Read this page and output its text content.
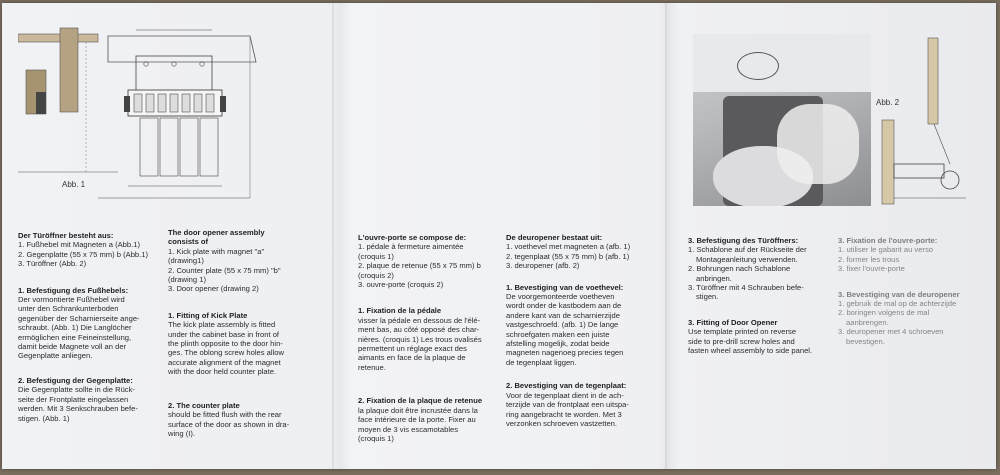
Abb. 1
Abb. 2
Der Türöffner besteht aus:
1. Fußhebel mit Magneten a (Abb.1)
2. Gegenplatte (55 x 75 mm) b (Abb.1)
3. Türöffner (Abb. 2)
1. Befestigung des Fußhebels:
Der vormontierte Fußhebel wird
unter den Schrankunterboden
gegenüber der Scharnierseite ange-
schraubt. (Abb. 1) Die Langlöcher
ermöglichen eine Feineinstellung,
damit beide Magnete voll an der
Gegenplatte anliegen.
2. Befestigung der Gegenplatte:
Die Gegenplatte sollte in die Rück-
seite der Frontplatte eingelassen
werden. Mit 3 Senkschrauben befe-
stigen. (Abb. 1)
The door opener assembly
consists of
1. Kick plate with magnet "a"
(drawing1)
2. Counter plate (55 x 75 mm) "b"
(drawing 1)
3. Door opener (drawing 2)
1. Fitting of Kick Plate
The kick plate assembly is fitted
under the cabinet base in front of
the plinth opposite to the door hin-
ges. The oblong screw holes allow
accurate alignment of the magnet
with the door held counter plate.
2. The counter plate
should be fitted flush with the rear
surface of the door as shown in dra-
wing (I).
L'ouvre-porte se compose de:
1. pédale à fermeture aimentée
(croquis 1)
2. plaque de retenue (55 x 75 mm) b
(croquis 2)
3. ouvre-porte (croquis 2)
1. Fixation de la pédale
visser la pédale en dessous de l'élé-
ment bas, au côté opposé des char-
nières. (croquis 1) Les trous ovalisés
permettent un réglage exact des
aimants en face de la plaque de
retenue.
2. Fixation de la plaque de retenue
la plaque doit être incrustée dans la
face intérieure de la porte. Fixer au
moyen de 3 vis escamotables
(croquis 1)
De deuropener bestaat uit:
1. voethevel met magneten a (afb. 1)
2. tegenplaat (55 x 75 mm) b (afb. 1)
3. deuropener (afb. 2)
1. Bevestiging van de voethevel:
De voorgemonteerde voetheven
wordt onder de kastbodem aan de
andere kant van de scharnierzijde
vastgeschroefd. (afb. 1) De lange
schroefgaten maken een juiste
afstelling mogelijk, zodat beide
magneten nagenoeg precies tegen
de tegenplaat liggen.
2. Bevestiging van de tegenplaat:
Voor de tegenplaat dient in de ach-
terzijde van de frontplaat een uitspa-
ring aangebracht te worden. Met 3
verzonken schroeven vastzetten.
3. Befestigung des Türöffners:
1. Schablone auf der Rückseite der
Montageanleitung verwenden.
2. Bohrungen nach Schablone
anbringen.
3. Türöffner mit 4 Schrauben befe-
stigen.
3. Fitting of Door Opener
Use template printed on reverse
side to pre-drill screw holes and
fasten wheel assembly to side panel.
3. Fixation de l'ouvre-porte:
1. utiliser le gabarit au verso
2. former les trous
3. fixer l'ouvre-porte
3. Bevestiging van de deuropener
1. gebruik de mal op de achterzijde
2. boringen volgens de mal
aanbrengen.
3. deuropener met 4 schroeven
bevestigen.
